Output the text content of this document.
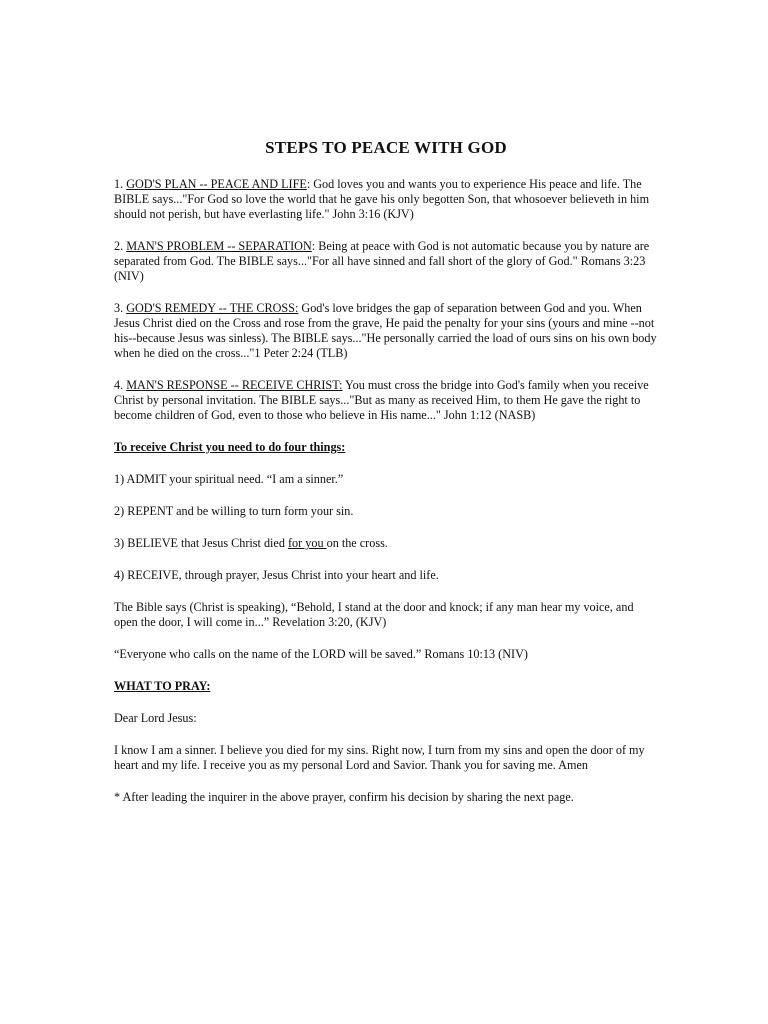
STEPS TO PEACE WITH GOD

1. GOD'S PLAN -- PEACE AND LIFE: God loves you and wants you to experience His peace and life. The BIBLE says..."For God so love the world that he gave his only begotten Son, that whosoever believeth in him should not perish, but have everlasting life." John 3:16 (KJV)

2. MAN'S PROBLEM -- SEPARATION: Being at peace with God is not automatic because you by nature are separated from God. The BIBLE says..."For all have sinned and fall short of the glory of God." Romans 3:23 (NIV)

3. GOD'S REMEDY -- THE CROSS: God's love bridges the gap of separation between God and you. When Jesus Christ died on the Cross and rose from the grave, He paid the penalty for your sins (yours and mine --not his--because Jesus was sinless). The BIBLE says..."He personally carried the load of ours sins on his own body when he died on the cross..."1 Peter 2:24 (TLB)

4. MAN'S RESPONSE -- RECEIVE CHRIST: You must cross the bridge into God's family when you receive Christ by personal invitation. The BIBLE says..."But as many as received Him, to them He gave the right to become children of God, even to those who believe in His name..." John 1:12 (NASB)

To receive Christ you need to do four things:

1) ADMIT your spiritual need. “I am a sinner.”

2) REPENT and be willing to turn form your sin.

3) BELIEVE that Jesus Christ died for you on the cross.

4) RECEIVE, through prayer, Jesus Christ into your heart and life.

The Bible says (Christ is speaking), “Behold, I stand at the door and knock; if any man hear my voice, and open the door, I will come in...” Revelation 3:20, (KJV)

“Everyone who calls on the name of the LORD will be saved.” Romans 10:13 (NIV)

WHAT TO PRAY:

Dear Lord Jesus:

I know I am a sinner. I believe you died for my sins. Right now, I turn from my sins and open the door of my heart and my life. I receive you as my personal Lord and Savior. Thank you for saving me. Amen

* After leading the inquirer in the above prayer, confirm his decision by sharing the next page.
